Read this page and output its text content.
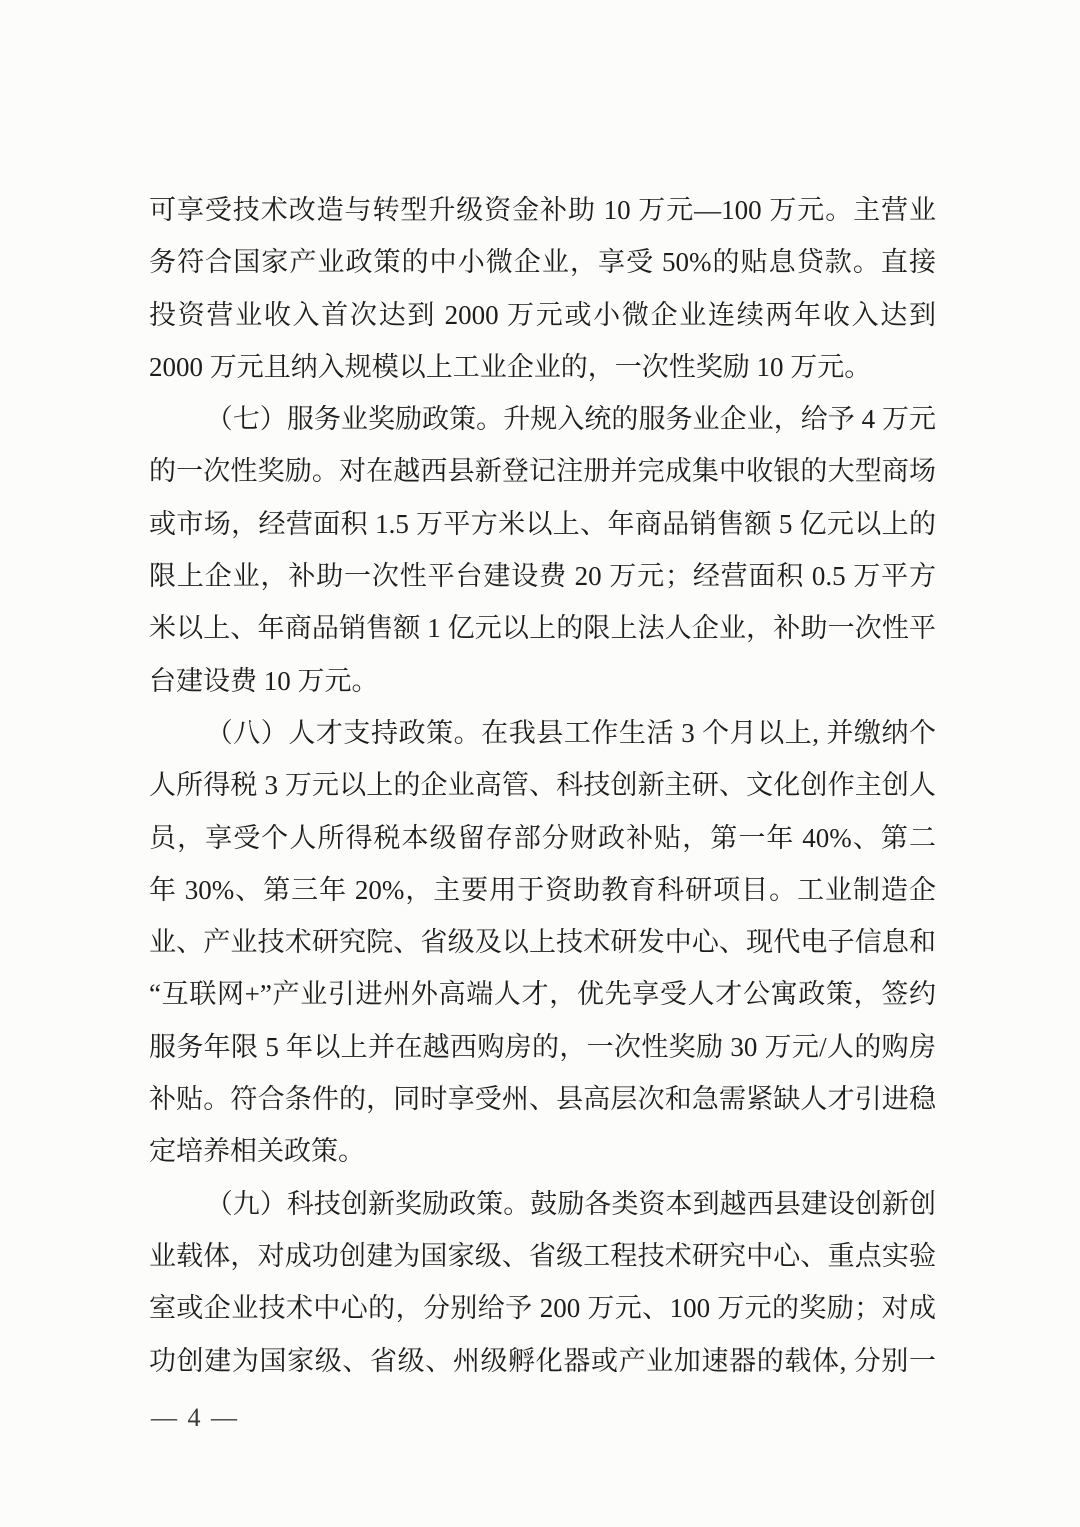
可享受技术改造与转型升级资金补助 10 万元—100 万元。主营业
务符合国家产业政策的中小微企业，享受 50%的贴息贷款。直接
投资营业收入首次达到 2000 万元或小微企业连续两年收入达到
2000 万元且纳入规模以上工业企业的，一次性奖励 10 万元。
（七）服务业奖励政策。升规入统的服务业企业，给予 4 万元
的一次性奖励。对在越西县新登记注册并完成集中收银的大型商场
或市场，经营面积 1.5 万平方米以上、年商品销售额 5 亿元以上的
限上企业，补助一次性平台建设费 20 万元；经营面积 0.5 万平方
米以上、年商品销售额 1 亿元以上的限上法人企业，补助一次性平
台建设费 10 万元。
（八）人才支持政策。在我县工作生活 3 个月以上, 并缴纳个
人所得税 3 万元以上的企业高管、科技创新主研、文化创作主创人
员，享受个人所得税本级留存部分财政补贴，第一年 40%、第二
年 30%、第三年 20%，主要用于资助教育科研项目。工业制造企
业、产业技术研究院、省级及以上技术研发中心、现代电子信息和
“互联网+”产业引进州外高端人才，优先享受人才公寓政策，签约
服务年限 5 年以上并在越西购房的，一次性奖励 30 万元/人的购房
补贴。符合条件的，同时享受州、县高层次和急需紧缺人才引进稳
定培养相关政策。
（九）科技创新奖励政策。鼓励各类资本到越西县建设创新创
业载体，对成功创建为国家级、省级工程技术研究中心、重点实验
室或企业技术中心的，分别给予 200 万元、100 万元的奖励；对成
功创建为国家级、省级、州级孵化器或产业加速器的载体, 分别一
— 4 —
